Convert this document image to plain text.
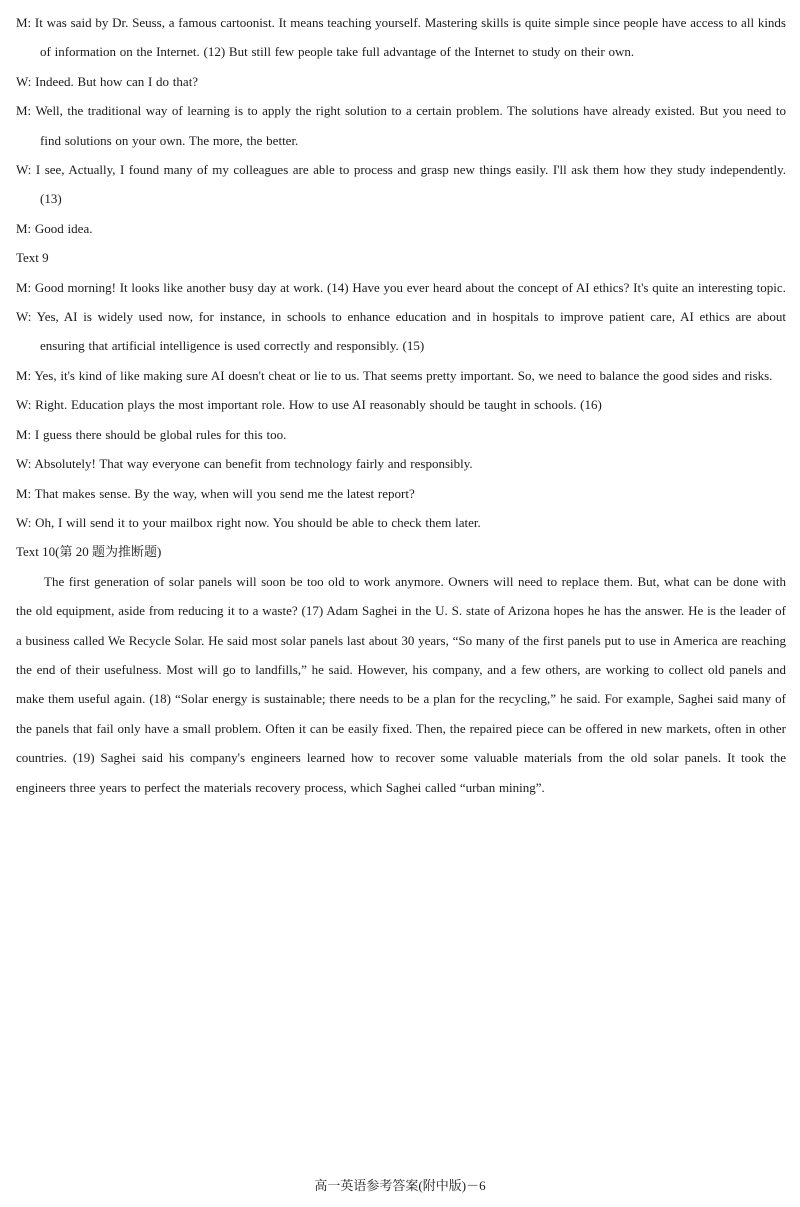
M: It was said by Dr. Seuss, a famous cartoonist. It means teaching yourself. Mastering skills is quite simple since people have access to all kinds of information on the Internet. (12) But still few people take full advantage of the Internet to study on their own.
W: Indeed. But how can I do that?
M: Well, the traditional way of learning is to apply the right solution to a certain problem. The solutions have already existed. But you need to find solutions on your own. The more, the better.
W: I see, Actually, I found many of my colleagues are able to process and grasp new things easily. I'll ask them how they study independently. (13)
M: Good idea.
Text 9
M: Good morning! It looks like another busy day at work. (14) Have you ever heard about the concept of AI ethics? It's quite an interesting topic.
W: Yes, AI is widely used now, for instance, in schools to enhance education and in hospitals to improve patient care, AI ethics are about ensuring that artificial intelligence is used correctly and responsibly. (15)
M: Yes, it's kind of like making sure AI doesn't cheat or lie to us. That seems pretty important. So, we need to balance the good sides and risks.
W: Right. Education plays the most important role. How to use AI reasonably should be taught in schools. (16)
M: I guess there should be global rules for this too.
W: Absolutely! That way everyone can benefit from technology fairly and responsibly.
M: That makes sense. By the way, when will you send me the latest report?
W: Oh, I will send it to your mailbox right now. You should be able to check them later.
Text 10(第 20 题为推断题)
The first generation of solar panels will soon be too old to work anymore. Owners will need to replace them. But, what can be done with the old equipment, aside from reducing it to a waste? (17) Adam Saghei in the U. S. state of Arizona hopes he has the answer. He is the leader of a business called We Recycle Solar. He said most solar panels last about 30 years, “So many of the first panels put to use in America are reaching the end of their usefulness. Most will go to landfills,” he said. However, his company, and a few others, are working to collect old panels and make them useful again. (18) “Solar energy is sustainable; there needs to be a plan for the recycling,” he said. For example, Saghei said many of the panels that fail only have a small problem. Often it can be easily fixed. Then, the repaired piece can be offered in new markets, often in other countries. (19) Saghei said his company's engineers learned how to recover some valuable materials from the old solar panels. It took the engineers three years to perfect the materials recovery process, which Saghei called “urban mining”.
高一英语参考答案(附中版)－6
